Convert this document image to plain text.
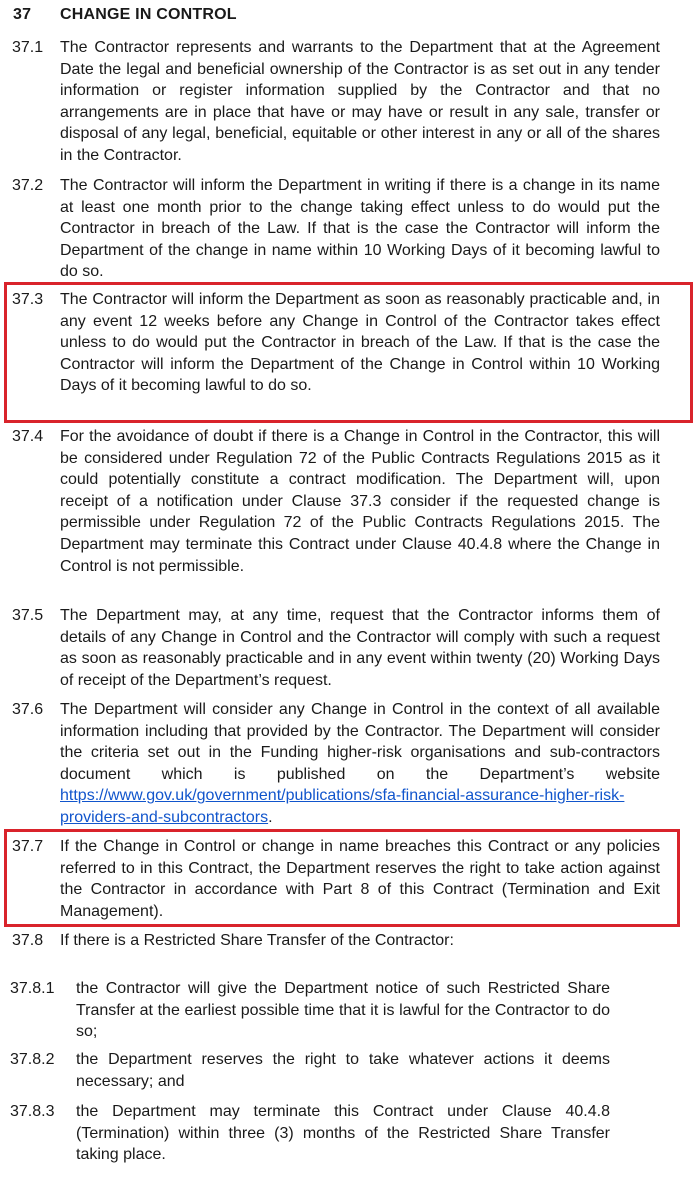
37 CHANGE IN CONTROL
37.1 The Contractor represents and warrants to the Department that at the Agreement Date the legal and beneficial ownership of the Contractor is as set out in any tender information or register information supplied by the Contractor and that no arrangements are in place that have or may have or result in any sale, transfer or disposal of any legal, beneficial, equitable or other interest in any or all of the shares in the Contractor.
37.2 The Contractor will inform the Department in writing if there is a change in its name at least one month prior to the change taking effect unless to do would put the Contractor in breach of the Law. If that is the case the Contractor will inform the Department of the change in name within 10 Working Days of it becoming lawful to do so.
37.3 The Contractor will inform the Department as soon as reasonably practicable and, in any event 12 weeks before any Change in Control of the Contractor takes effect unless to do would put the Contractor in breach of the Law. If that is the case the Contractor will inform the Department of the Change in Control within 10 Working Days of it becoming lawful to do so.
37.4 For the avoidance of doubt if there is a Change in Control in the Contractor, this will be considered under Regulation 72 of the Public Contracts Regulations 2015 as it could potentially constitute a contract modification. The Department will, upon receipt of a notification under Clause 37.3 consider if the requested change is permissible under Regulation 72 of the Public Contracts Regulations 2015. The Department may terminate this Contract under Clause 40.4.8 where the Change in Control is not permissible.
37.5 The Department may, at any time, request that the Contractor informs them of details of any Change in Control and the Contractor will comply with such a request as soon as reasonably practicable and in any event within twenty (20) Working Days of receipt of the Department’s request.
37.6 The Department will consider any Change in Control in the context of all available information including that provided by the Contractor. The Department will consider the criteria set out in the Funding higher-risk organisations and sub-contractors document which is published on the Department’s website https://www.gov.uk/government/publications/sfa-financial-assurance-higher-risk-providers-and-subcontractors.
37.7 If the Change in Control or change in name breaches this Contract or any policies referred to in this Contract, the Department reserves the right to take action against the Contractor in accordance with Part 8 of this Contract (Termination and Exit Management).
37.8 If there is a Restricted Share Transfer of the Contractor:
37.8.1 the Contractor will give the Department notice of such Restricted Share Transfer at the earliest possible time that it is lawful for the Contractor to do so;
37.8.2 the Department reserves the right to take whatever actions it deems necessary; and
37.8.3 the Department may terminate this Contract under Clause 40.4.8 (Termination) within three (3) months of the Restricted Share Transfer taking place.
